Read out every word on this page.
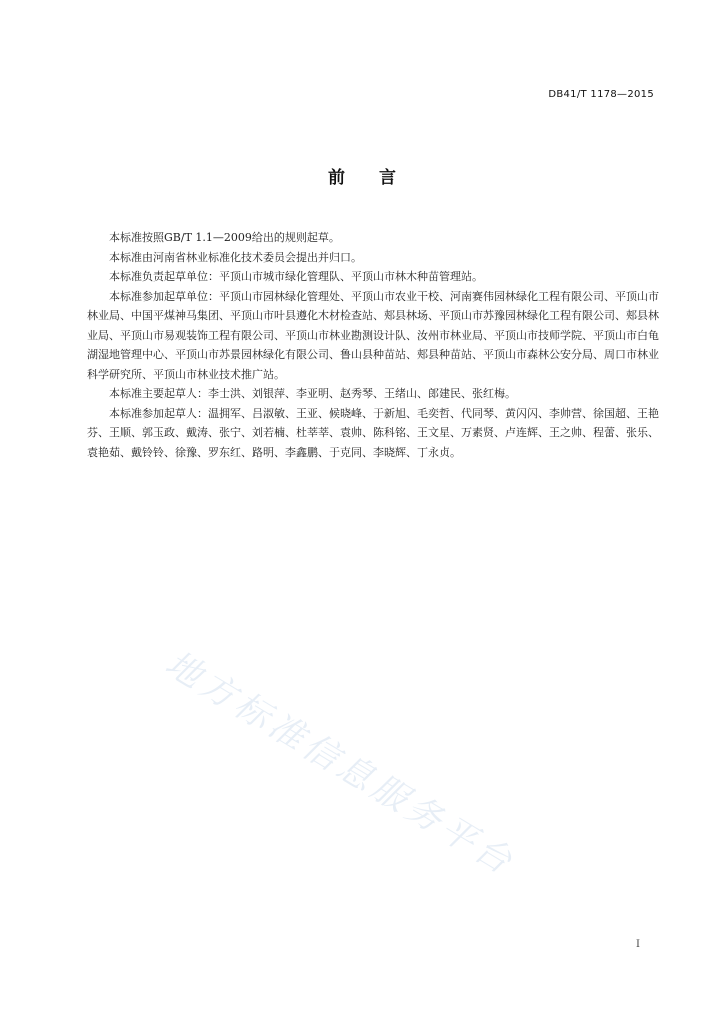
DB41/T 1178—2015
前 言

本标准按照GB/T 1.1—2009给出的规则起草。

本标准由河南省林业标准化技术委员会提出并归口。

本标准负责起草单位：平顶山市城市绿化管理队、平顶山市林木种苗管理站。

本标准参加起草单位：平顶山市园林绿化管理处、平顶山市农业干校、河南赛伟园林绿化工程有限公司、平顶山市林业局、中国平煤神马集团、平顶山市叶县遵化木材检查站、郏县林场、平顶山市苏豫园林绿化工程有限公司、郏县林业局、平顶山市易观装饰工程有限公司、平顶山市林业勘测设计队、汝州市林业局、平顶山市技师学院、平顶山市白龟湖湿地管理中心、平顶山市苏景园林绿化有限公司、鲁山县种苗站、郏县种苗站、平顶山市森林公安分局、周口市林业科学研究所、平顶山市林业技术推广站。

本标准主要起草人：李士洪、刘银萍、李亚明、赵秀琴、王绪山、郎建民、张红梅。

本标准参加起草人：温拥军、吕淑敏、王亚、候晓峰、于新旭、毛奕哲、代同琴、黄闪闪、李帅营、徐国超、王艳芬、王顺、郭玉政、戴涛、张宁、刘若楠、杜莘莘、袁帅、陈科铭、王文星、万素贤、卢连辉、王之帅、程蕾、张乐、袁艳茹、戴铃铃、徐豫、罗东红、路明、李鑫鹏、于克同、李晓辉、丁永贞。

地方标准信息服务平台
I
